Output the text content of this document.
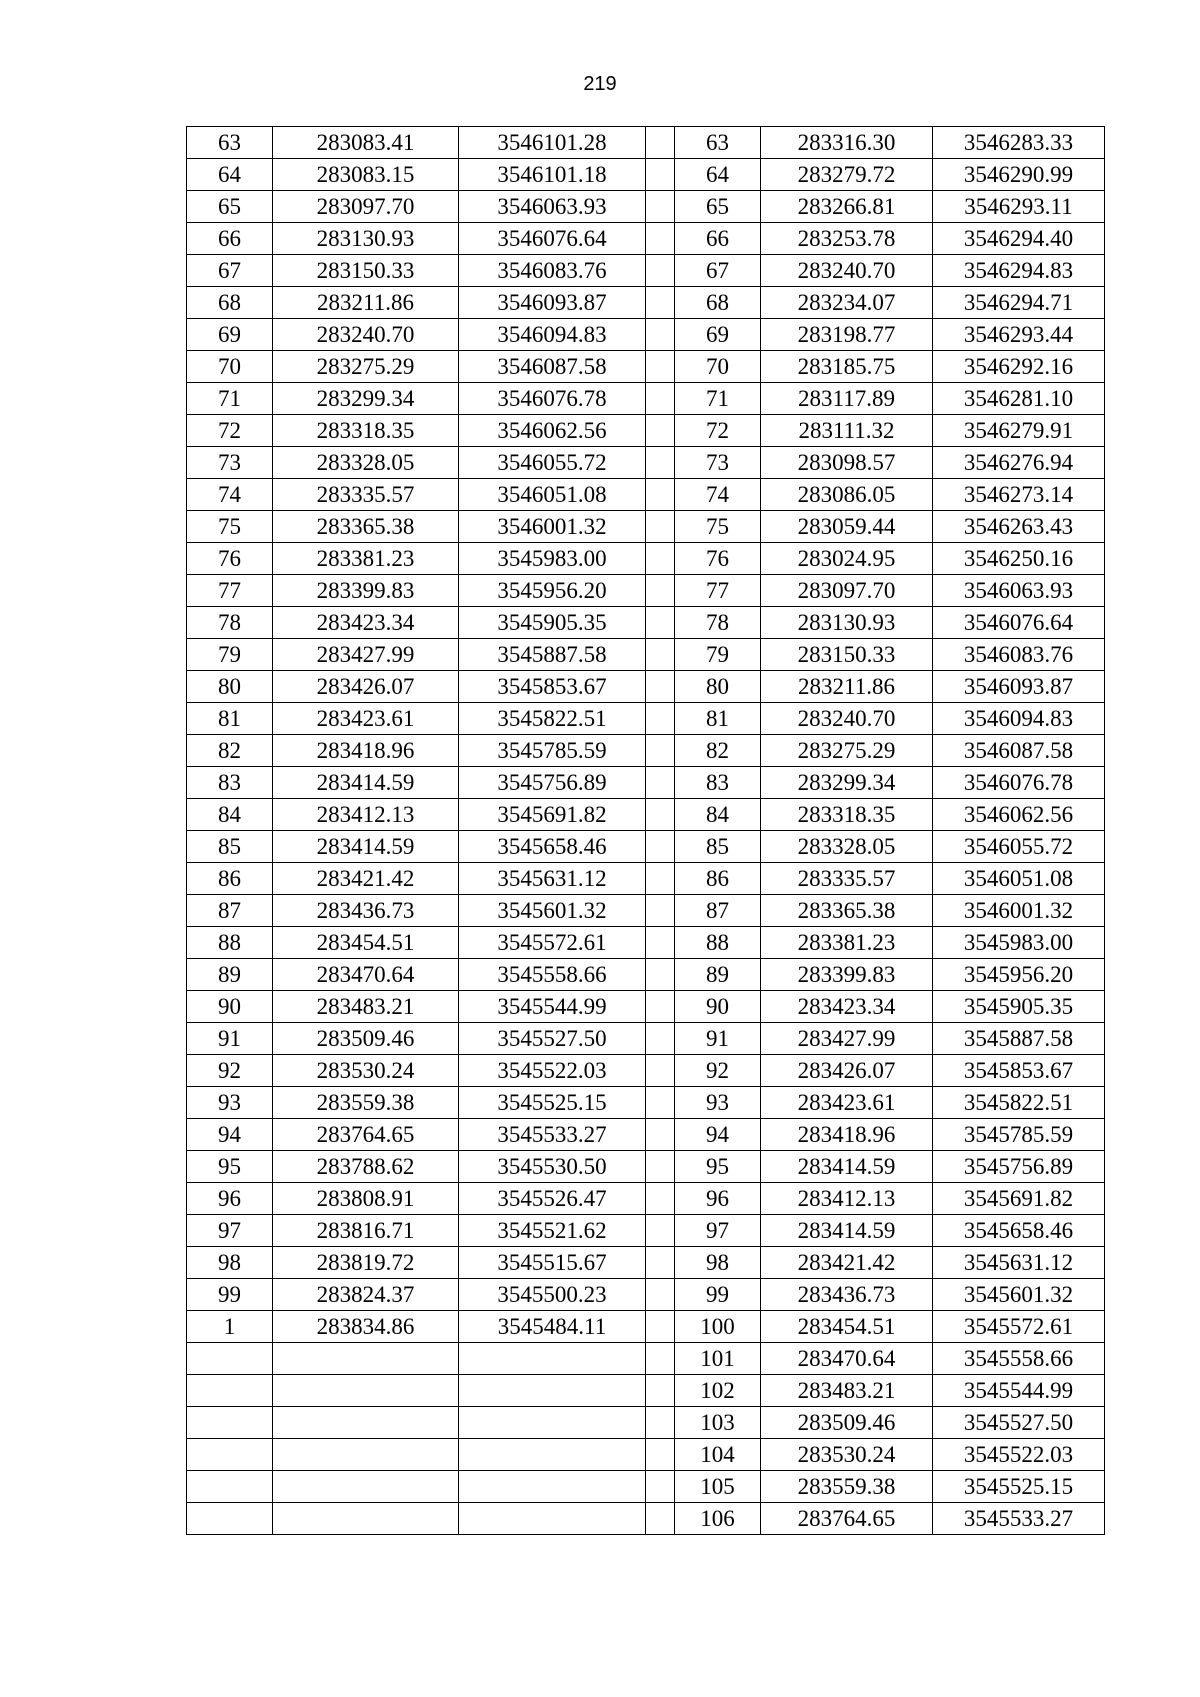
219
63	283083.41	3546101.28		63	283316.30	3546283.33
64	283083.15	3546101.18		64	283279.72	3546290.99
65	283097.70	3546063.93		65	283266.81	3546293.11
66	283130.93	3546076.64		66	283253.78	3546294.40
67	283150.33	3546083.76		67	283240.70	3546294.83
68	283211.86	3546093.87		68	283234.07	3546294.71
69	283240.70	3546094.83		69	283198.77	3546293.44
70	283275.29	3546087.58		70	283185.75	3546292.16
71	283299.34	3546076.78		71	283117.89	3546281.10
72	283318.35	3546062.56		72	283111.32	3546279.91
73	283328.05	3546055.72		73	283098.57	3546276.94
74	283335.57	3546051.08		74	283086.05	3546273.14
75	283365.38	3546001.32		75	283059.44	3546263.43
76	283381.23	3545983.00		76	283024.95	3546250.16
77	283399.83	3545956.20		77	283097.70	3546063.93
78	283423.34	3545905.35		78	283130.93	3546076.64
79	283427.99	3545887.58		79	283150.33	3546083.76
80	283426.07	3545853.67		80	283211.86	3546093.87
81	283423.61	3545822.51		81	283240.70	3546094.83
82	283418.96	3545785.59		82	283275.29	3546087.58
83	283414.59	3545756.89		83	283299.34	3546076.78
84	283412.13	3545691.82		84	283318.35	3546062.56
85	283414.59	3545658.46		85	283328.05	3546055.72
86	283421.42	3545631.12		86	283335.57	3546051.08
87	283436.73	3545601.32		87	283365.38	3546001.32
88	283454.51	3545572.61		88	283381.23	3545983.00
89	283470.64	3545558.66		89	283399.83	3545956.20
90	283483.21	3545544.99		90	283423.34	3545905.35
91	283509.46	3545527.50		91	283427.99	3545887.58
92	283530.24	3545522.03		92	283426.07	3545853.67
93	283559.38	3545525.15		93	283423.61	3545822.51
94	283764.65	3545533.27		94	283418.96	3545785.59
95	283788.62	3545530.50		95	283414.59	3545756.89
96	283808.91	3545526.47		96	283412.13	3545691.82
97	283816.71	3545521.62		97	283414.59	3545658.46
98	283819.72	3545515.67		98	283421.42	3545631.12
99	283824.37	3545500.23		99	283436.73	3545601.32
1	283834.86	3545484.11		100	283454.51	3545572.61
				101	283470.64	3545558.66
				102	283483.21	3545544.99
				103	283509.46	3545527.50
				104	283530.24	3545522.03
				105	283559.38	3545525.15
				106	283764.65	3545533.27
